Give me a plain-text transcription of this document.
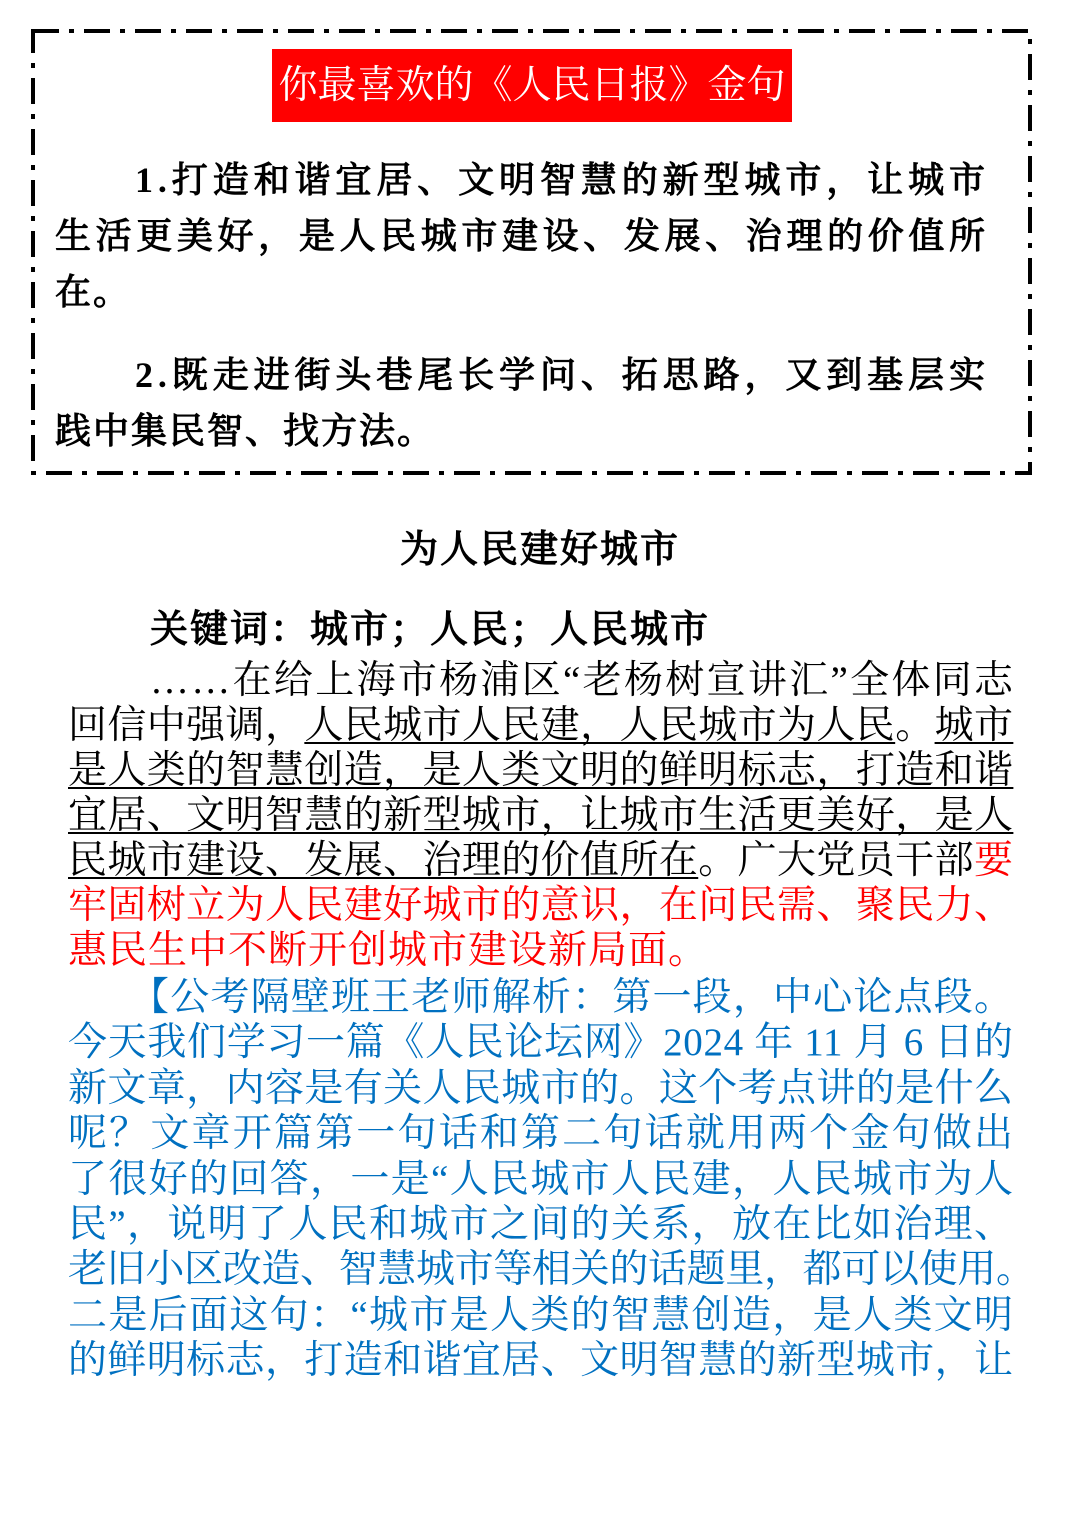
你最喜欢的《人民日报》金句
1.打造和谐宜居、文明智慧的新型城市，让城市
生活更美好，是人民城市建设、发展、治理的价值所
在。
2.既走进街头巷尾长学问、拓思路，又到基层实
践中集民智、找方法。
为人民建好城市
关键词：城市；人民；人民城市
……在给上海市杨浦区“老杨树宣讲汇”全体同志
回信中强调，人民城市人民建，人民城市为人民。城市
是人类的智慧创造，是人类文明的鲜明标志，打造和谐
宜居、文明智慧的新型城市，让城市生活更美好，是人
民城市建设、发展、治理的价值所在。广大党员干部要
牢固树立为人民建好城市的意识，在问民需、聚民力、
惠民生中不断开创城市建设新局面。
【公考隔壁班王老师解析：第一段，中心论点段。
今天我们学习一篇《人民论坛网》2024 年 11 月 6 日的
新文章，内容是有关人民城市的。这个考点讲的是什么
呢？文章开篇第一句话和第二句话就用两个金句做出
了很好的回答，一是“人民城市人民建，人民城市为人
民”，说明了人民和城市之间的关系，放在比如治理、
老旧小区改造、智慧城市等相关的话题里，都可以使用。
二是后面这句：“城市是人类的智慧创造，是人类文明
的鲜明标志，打造和谐宜居、文明智慧的新型城市，让
